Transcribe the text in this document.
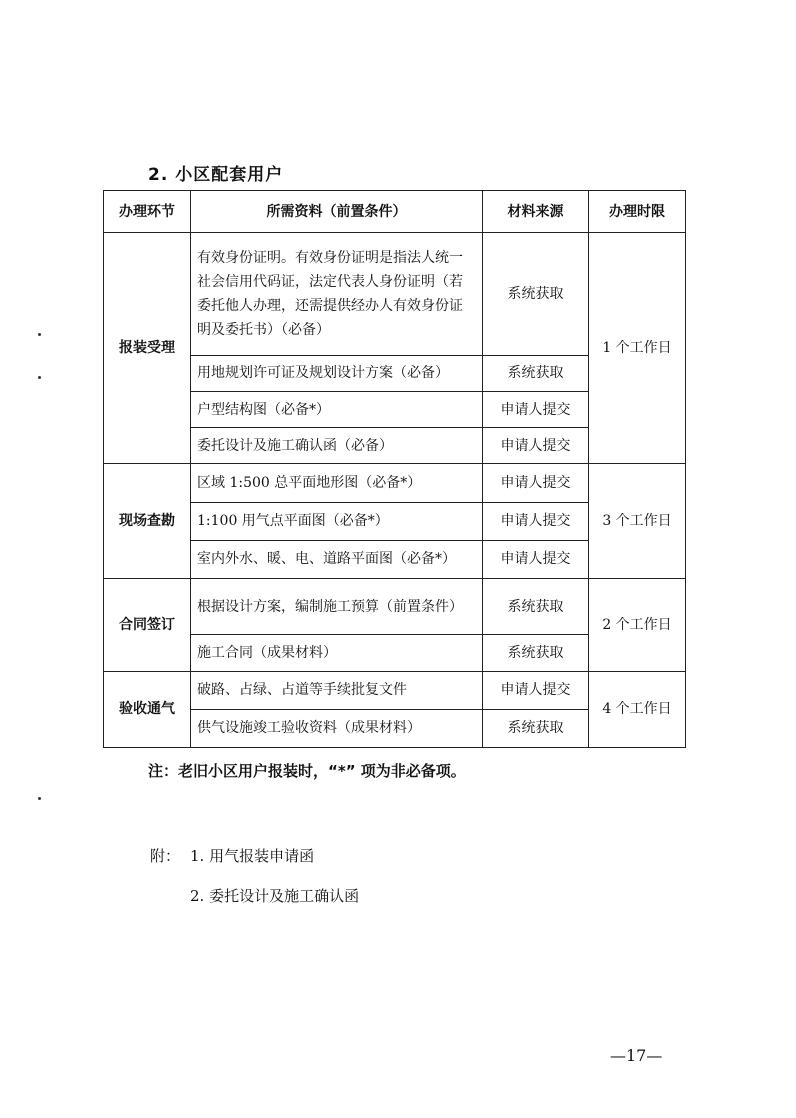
2. 小区配套用户
办理环节	所需资料（前置条件）	材料来源	办理时限
报装受理	有效身份证明。有效身份证明是指法人统一社会信用代码证，法定代表人身份证明（若委托他人办理，还需提供经办人有效身份证明及委托书）（必备）	系统获取	1 个工作日
	用地规划许可证及规划设计方案（必备）	系统获取	
	户型结构图（必备*）	申请人提交	
	委托设计及施工确认函（必备）	申请人提交	
现场查勘	区域 1:500 总平面地形图（必备*）	申请人提交	3 个工作日
	1:100 用气点平面图（必备*）	申请人提交	
	室内外水、暖、电、道路平面图（必备*）	申请人提交	
合同签订	根据设计方案，编制施工预算（前置条件）	系统获取	2 个工作日
	施工合同（成果材料）	系统获取	
验收通气	破路、占绿、占道等手续批复文件	申请人提交	4 个工作日
	供气设施竣工验收资料（成果材料）	系统获取	
注：老旧小区用户报装时，“*” 项为非必备项。
附： 1. 用气报装申请函
2. 委托设计及施工确认函
—17—
